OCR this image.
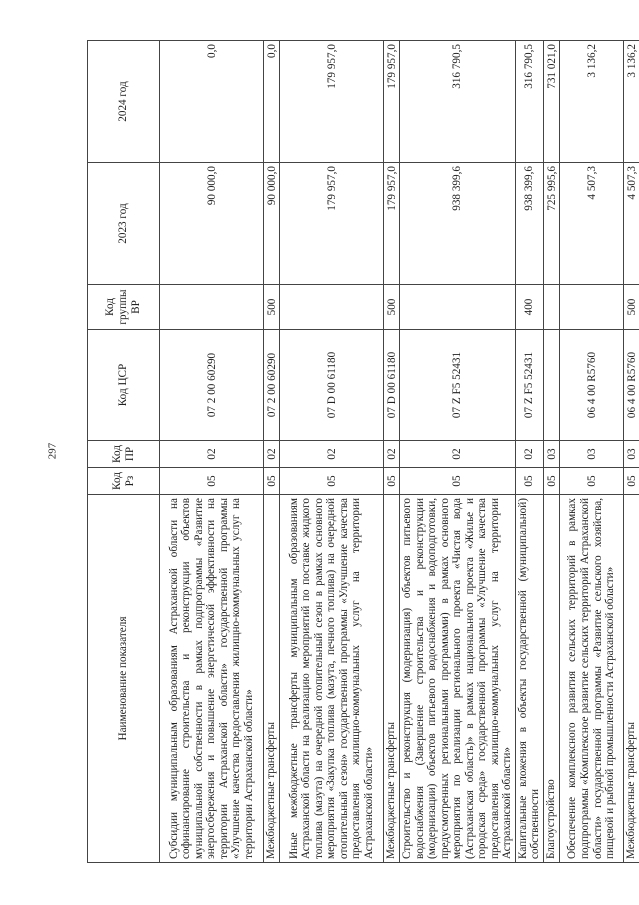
297
Наименование показателя	Код Рз	Код ПР	Код ЦСР	Код группы ВР	2023 год	2024 год
Субсидии муниципальным образованиям Астраханской области на софинансирование строительства и реконструкции объектов муниципальной собственности в рамках подпрограммы «Развитие энергосбережения и повышение энергетической эффективности на территории Астраханской области» государственной программы «Улучшение качества предоставления жилищно-коммунальных услуг на территории Астраханской области»	05	02	07 2 00 60290		90 000,0	0,0
Межбюджетные трансферты	05	02	07 2 00 60290	500	90 000,0	0,0
Иные межбюджетные трансферты муниципальным образованиям Астраханской области на реализацию мероприятий по поставке жидкого топлива (мазута) на очередной отопительный сезон в рамках основного мероприятия «Закупка топлива (мазута, печного топлива) на очередной отопительный сезон» государственной программы «Улучшение качества предоставления жилищно-коммунальных услуг на территории Астраханской области»	05	02	07 D 00 61180		179 957,0	179 957,0
Межбюджетные трансферты	05	02	07 D 00 61180	500	179 957,0	179 957,0
Строительство и реконструкция (модернизация) объектов питьевого водоснабжения (Завершение строительства и реконструкции (модернизации) объектов питьевого водоснабжения и водоподготовки, предусмотренных региональными программами) в рамках основного мероприятия по реализации регионального проекта «Чистая вода (Астраханская область)» в рамках национального проекта «Жилье и городская среда» государственной программы «Улучшение качества предоставления жилищно-коммунальных услуг на территории Астраханской области»	05	02	07 Z F5 52431		938 399,6	316 790,5
Капитальные вложения в объекты государственной (муниципальной) собственности	05	02	07 Z F5 52431	400	938 399,6	316 790,5
Благоустройство	05	03			725 995,6	731 021,0
Обеспечение комплексного развития сельских территорий в рамках подпрограммы «Комплексное развитие сельских территорий Астраханской области» государственной программы «Развитие сельского хозяйства, пищевой и рыбной промышленности Астраханской области»	05	03	06 4 00 R5760		4 507,3	3 136,2
Межбюджетные трансферты	05	03	06 4 00 R5760	500	4 507,3	3 136,2
